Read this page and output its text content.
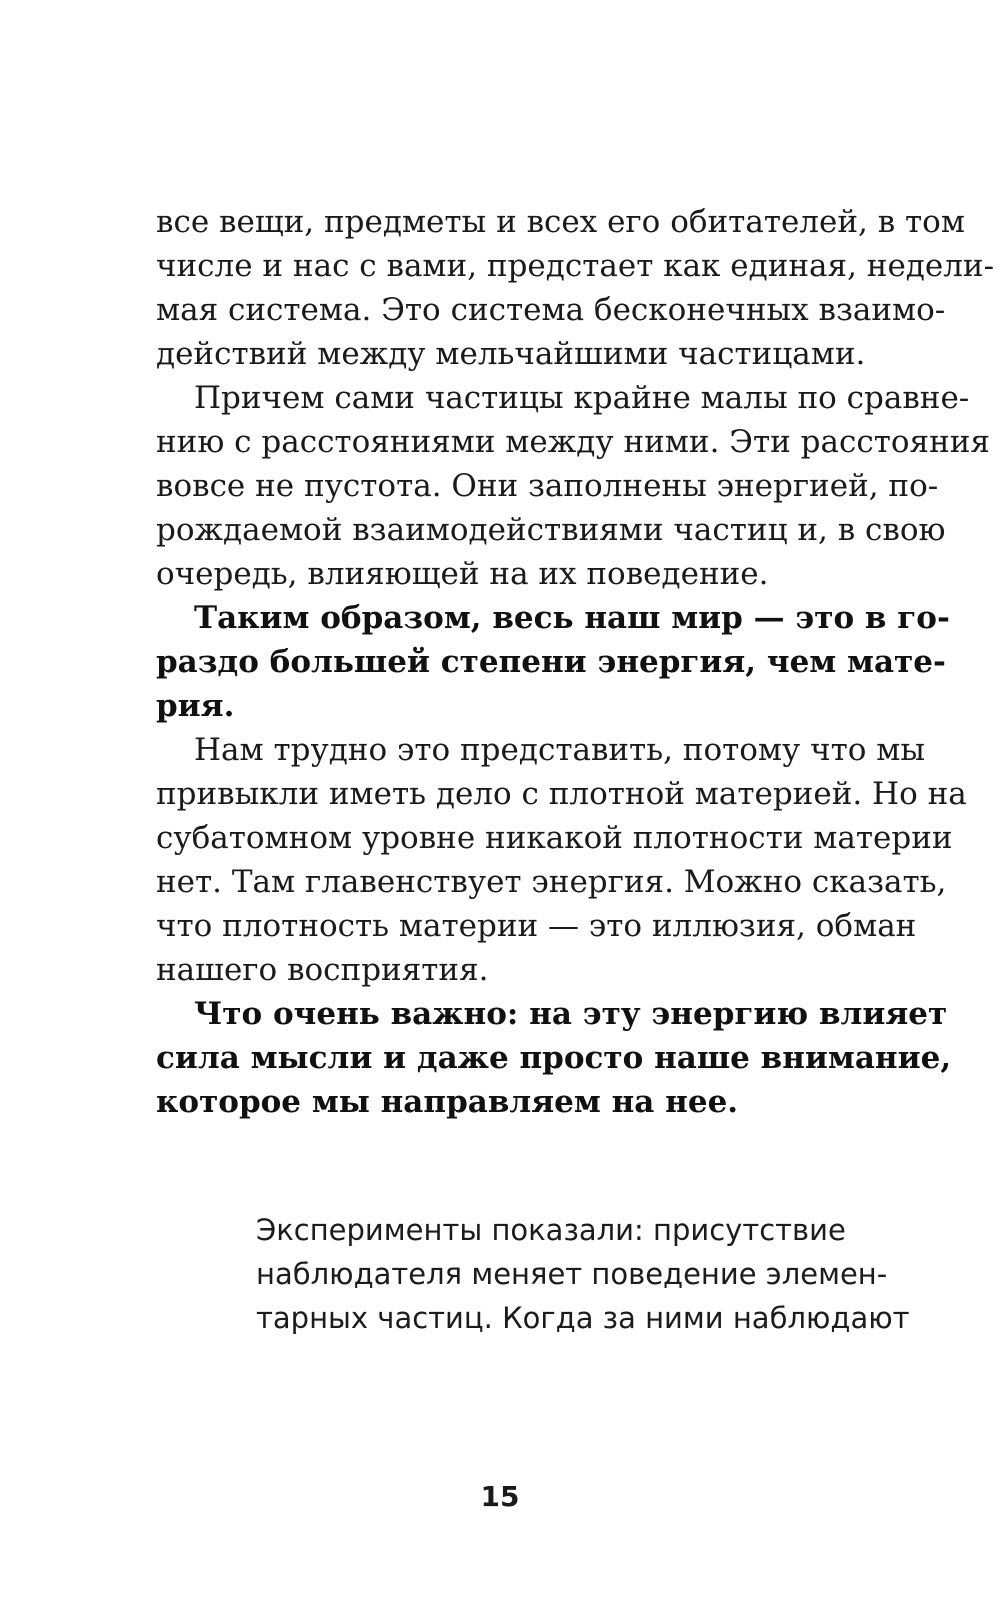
все вещи, предметы и всех его обитателей, в том

числе и нас с вами, предстает как единая, недели-

мая система. Это система бесконечных взаимо-

действий между мельчайшими частицами.

Причем сами частицы крайне малы по сравне-

нию с расстояниями между ними. Эти расстояния

вовсе не пустота. Они заполнены энергией, по-

рождаемой взаимодействиями частиц и, в свою

очередь, влияющей на их поведение.

Таким образом, весь наш мир — это в го-

раздо большей степени энергия, чем мате-

рия.

Нам трудно это представить, потому что мы

привыкли иметь дело с плотной материей. Но на

субатомном уровне никакой плотности материи

нет. Там главенствует энергия. Можно сказать,

что плотность материи — это иллюзия, обман

нашего восприятия.

Что очень важно: на эту энергию влияет

сила мысли и даже просто наше внимание,

которое мы направляем на нее.

Эксперименты показали: присутствие

наблюдателя меняет поведение элемен-

тарных частиц. Когда за ними наблюдают

15
